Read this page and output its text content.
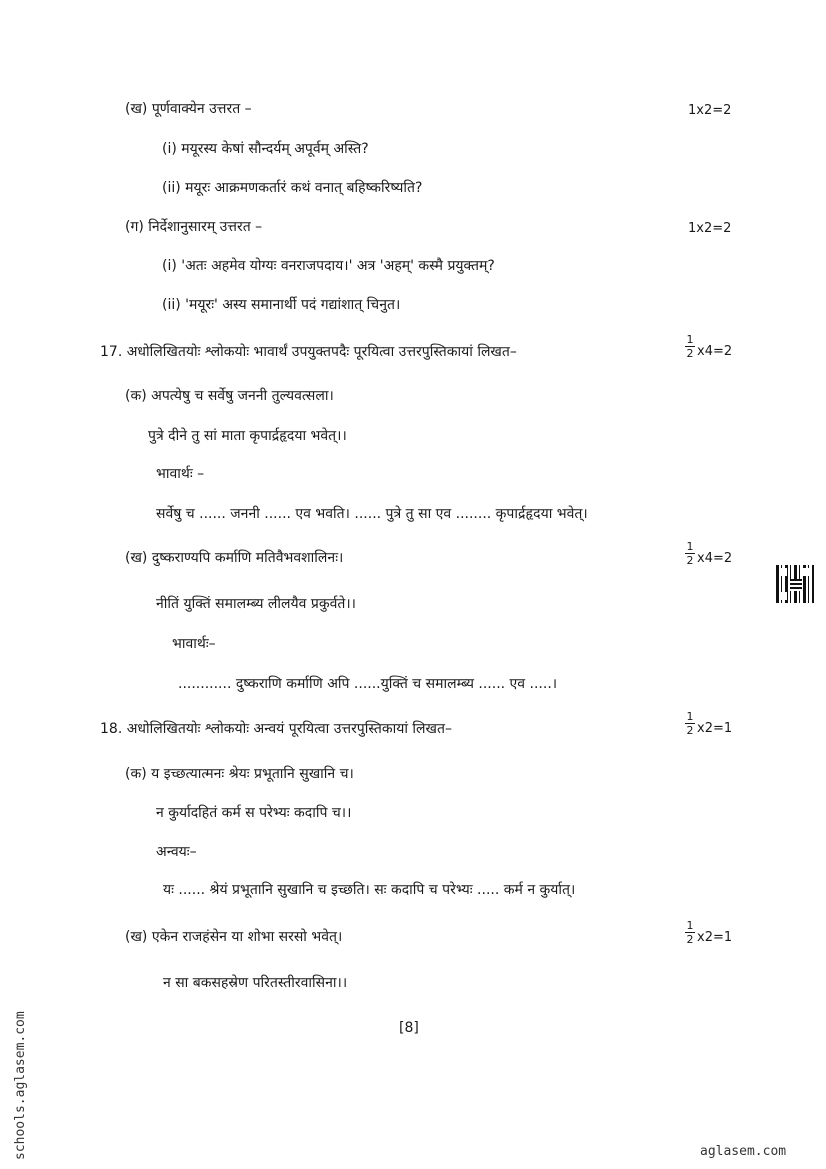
(ख) पूर्णवाक्येन उत्तरत –	1x2=2
(i) मयूरस्य केषां सौन्दर्यम् अपूर्वम् अस्ति?
(ii) मयूरः आक्रमणकर्तारं कथं वनात् बहिष्करिष्यति?
(ग) निर्देशानुसारम् उत्तरत –	1x2=2
(i) 'अतः अहमेव योग्यः वनराजपदाय।' अत्र 'अहम्' कस्मै प्रयुक्तम्?
(ii) 'मयूरः' अस्य समानार्थी पदं गद्यांशात् चिनुत।
17. अधोलिखितयोः श्लोकयोः भावार्थं उपयुक्तपदैः पूरयित्वा उत्तरपुस्तिकायां लिखत–
1
2 x4=2
(क) अपत्येषु च सर्वेषु जननी तुल्यवत्सला।
पुत्रे दीने तु सां माता कृपार्द्रहृदया भवेत्।।
भावार्थः –
सर्वेषु च ...... जननी ...... एव भवति। ...... पुत्रे तु सा एव ........ कृपार्द्रहृदया भवेत्।
(ख) दुष्कराण्यपि कर्माणि मतिवैभवशालिनः।
1
2 x4=2
नीतिं युक्तिं समालम्ब्य लीलयैव प्रकुर्वते।।
भावार्थः–
............ दुष्कराणि कर्माणि अपि ......युक्तिं च समालम्ब्य ...... एव .....।
18. अधोलिखितयोः श्लोकयोः अन्वयं पूरयित्वा उत्तरपुस्तिकायां लिखत–
1
2 x2=1
(क) य इच्छत्यात्मनः श्रेयः प्रभूतानि सुखानि च।
न कुर्यादहितं कर्म स परेभ्यः कदापि च।।
अन्वयः–
यः ...... श्रेयं प्रभूतानि सुखानि च इच्छति। सः कदापि च परेभ्यः ..... कर्म न कुर्यात्।
(ख) एकेन राजहंसेन या शोभा सरसो भवेत्।
1
2 x2=1
न सा बकसहस्रेण परितस्तीरवासिना।।
[8]
schools.aglasem.com	aglasem.com
